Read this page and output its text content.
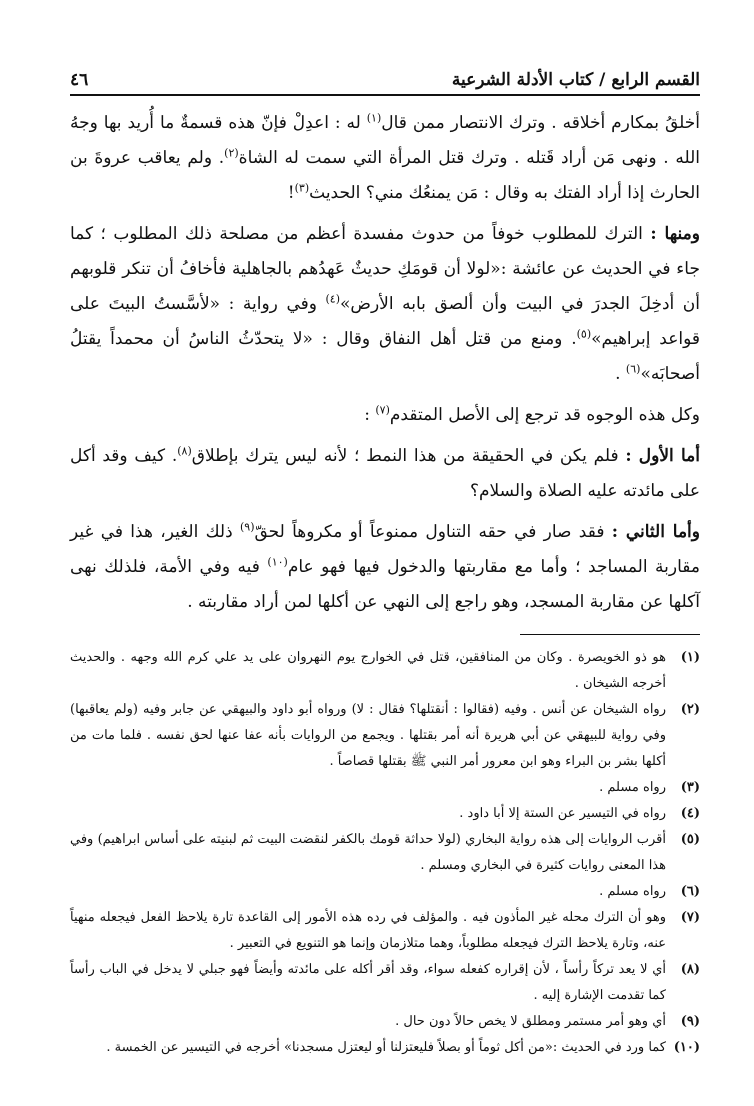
القسم الرابع / كتاب الأدلة الشرعية
٤٦

أخلقُ بمكارم أخلاقه . وترك الانتصار ممن قال$^{(١)}$ له : اعدِلْ فإنّ هذه قسمةٌ ما أُريد بها وجهُ الله . ونهى مَن أراد قَتله . وترك قتل المرأة التي سمت له الشاة$^{(٢)}$. ولم يعاقب عروةَ بن الحارث إذا أراد الفتك به وقال : مَن يمنعُك مني؟ الحديث$^{(٣)}$!

ومنها : الترك للمطلوب خوفاً من حدوث مفسدة أعظم من مصلحة ذلك المطلوب ؛ كما جاء في الحديث عن عائشة :«لولا أن قومَكِ حديثٌ عَهدُهم بالجاهلية فأخافُ أن تنكر قلوبهم أن أدخِلَ الجدرَ في البيت وأن ألصق بابه الأرض»$^{(٤)}$ وفي رواية : «لأسَّستُ البيتَ على قواعد إبراهيم»$^{(٥)}$. ومنع من قتل أهل النفاق وقال : «لا يتحدّثُ الناسُ أن محمداً يقتلُ أصحابَه»$^{(٦)}$ .

وكل هذه الوجوه قد ترجع إلى الأصل المتقدم$^{(٧)}$ :

أما الأول : فلم يكن في الحقيقة من هذا النمط ؛ لأنه ليس يترك بإطلاق$^{(٨)}$. كيف وقد أكل على مائدته عليه الصلاة والسلام؟

وأما الثاني : فقد صار في حقه التناول ممنوعاً أو مكروهاً لحقّ$^{(٩)}$ ذلك الغير، هذا في غير مقاربة المساجد ؛ وأما مع مقاربتها والدخول فيها فهو عام$^{(١٠)}$ فيه وفي الأمة، فلذلك نهى آكلها عن مقاربة المسجد، وهو راجع إلى النهي عن أكلها لمن أراد مقاربته .

(١)
هو ذو الخويصرة . وكان من المنافقين، قتل في الخوارج يوم النهروان على يد علي كرم الله وجهه . والحديث أخرجه الشيخان .
(٢)
رواه الشيخان عن أنس . وفيه (فقالوا : أنقتلها؟ فقال : لا) ورواه أبو داود والبيهقي عن جابر وفيه (ولم يعاقبها) وفي رواية للبيهقي عن أبي هريرة أنه أمر بقتلها . ويجمع من الروايات بأنه عفا عنها لحق نفسه . فلما مات من أكلها بشر بن البراء وهو ابن معرور أمر النبي ﷺ بقتلها قصاصاً .
(٣)
رواه مسلم .
(٤)
رواه في التيسير عن الستة إلا أبا داود .
(٥)
أقرب الروايات إلى هذه رواية البخاري (لولا حداثة قومك بالكفر لنقضت البيت ثم لبنيته على أساس ابراهيم) وفي هذا المعنى روايات كثيرة في البخاري ومسلم .
(٦)
رواه مسلم .
(٧)
وهو أن الترك محله غير المأذون فيه . والمؤلف في رده هذه الأمور إلى القاعدة تارة يلاحظ الفعل فيجعله منهياً عنه، وتارة يلاحظ الترك فيجعله مطلوباً، وهما متلازمان وإنما هو التنويع في التعبير .
(٨)
أي لا يعد تركاً رأساً ، لأن إقراره كفعله سواء، وقد أقر أكله على مائدته وأيضاً فهو جبلي لا يدخل في الباب رأساً كما تقدمت الإشارة إليه .
(٩)
أي وهو أمر مستمر ومطلق لا يخص حالاً دون حال .
(١٠)
كما ورد في الحديث :«من أكل ثوماً أو بصلاً فليعتزلنا أو ليعتزل مسجدنا» أخرجه في التيسير عن الخمسة .
